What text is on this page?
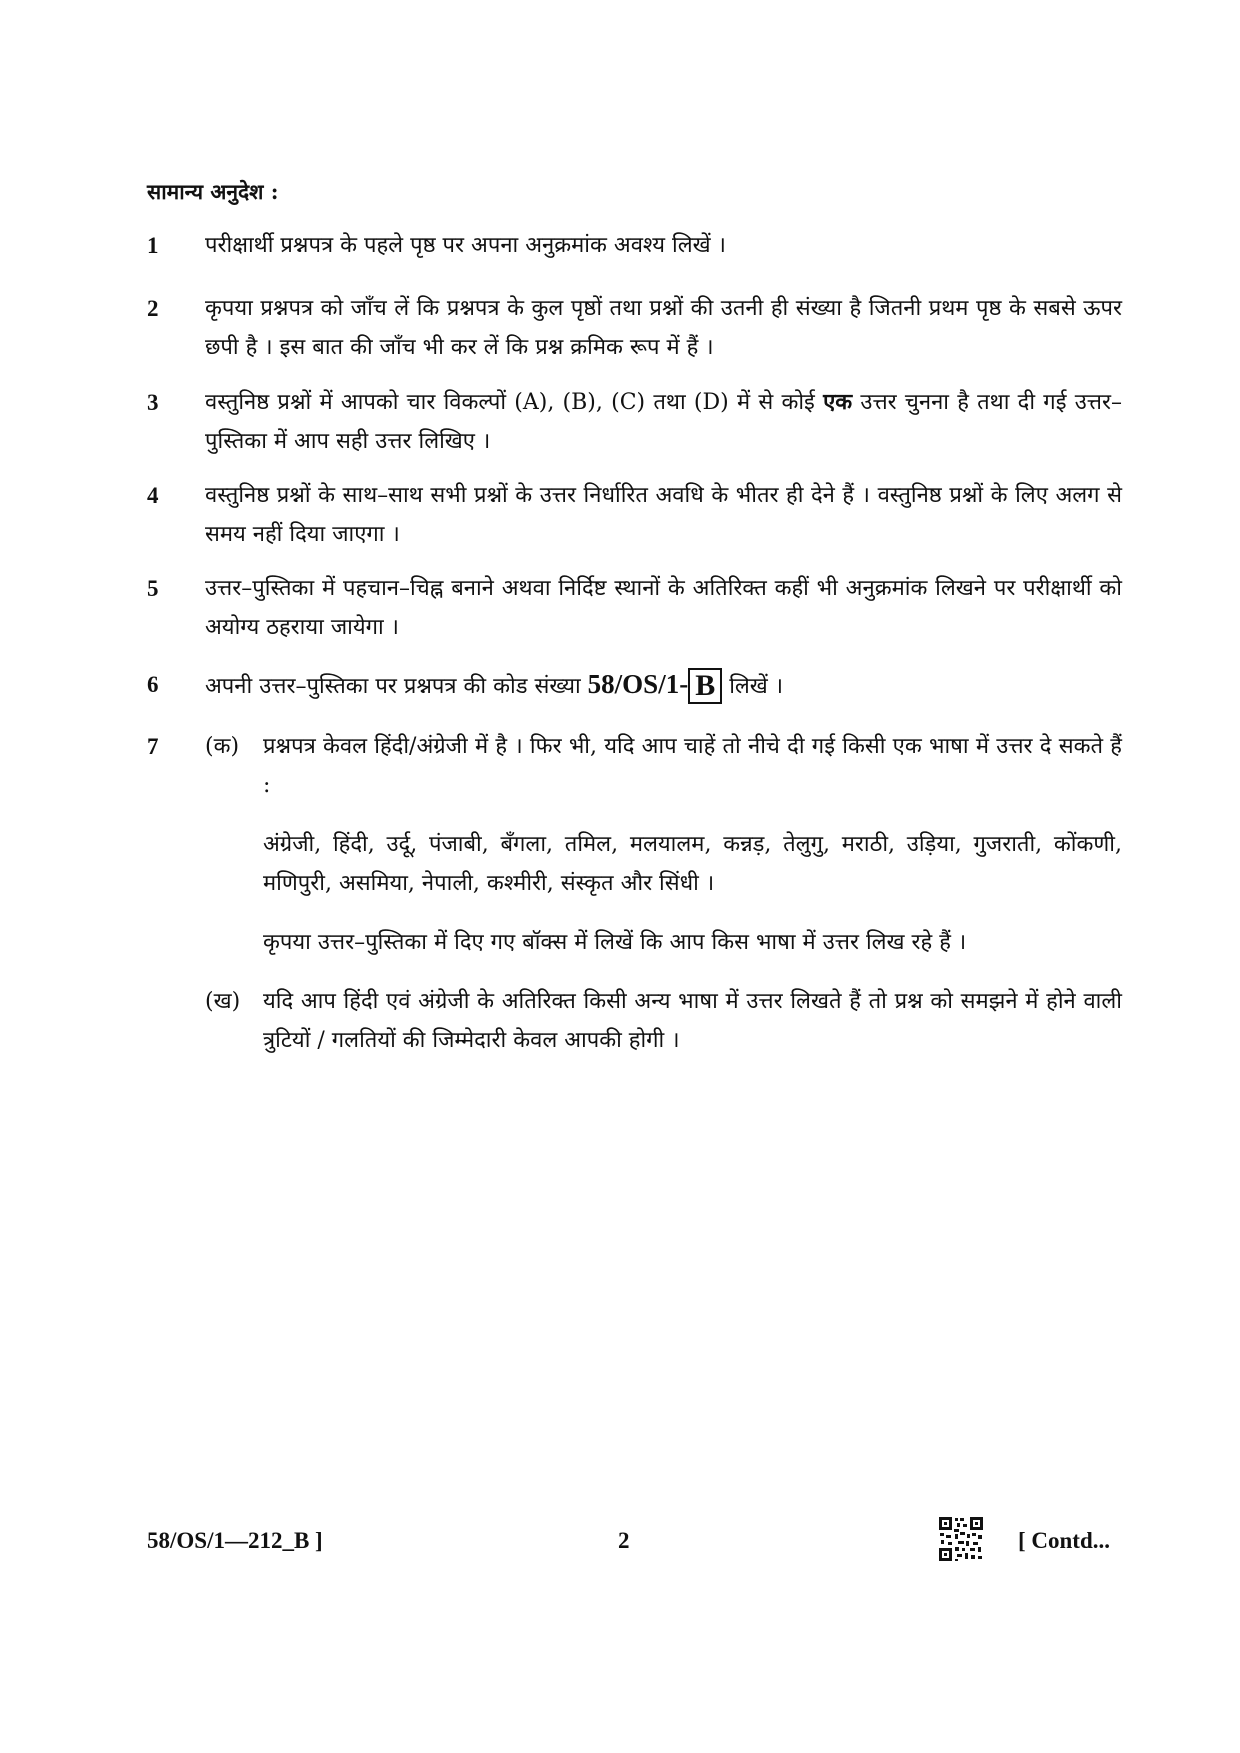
सामान्य अनुदेश :
1	परीक्षार्थी प्रश्नपत्र के पहले पृष्ठ पर अपना अनुक्रमांक अवश्य लिखें ।
2	कृपया प्रश्नपत्र को जाँच लें कि प्रश्नपत्र के कुल पृष्ठों तथा प्रश्नों की उतनी ही संख्या है जितनी प्रथम पृष्ठ के सबसे ऊपर छपी है । इस बात की जाँच भी कर लें कि प्रश्न क्रमिक रूप में हैं ।
3	वस्तुनिष्ठ प्रश्नों में आपको चार विकल्पों (A), (B), (C) तथा (D) में से कोई एक उत्तर चुनना है तथा दी गई उत्तर–पुस्तिका में आप सही उत्तर लिखिए ।
4	वस्तुनिष्ठ प्रश्नों के साथ–साथ सभी प्रश्नों के उत्तर निर्धारित अवधि के भीतर ही देने हैं । वस्तुनिष्ठ प्रश्नों के लिए अलग से समय नहीं दिया जाएगा ।
5	उत्तर–पुस्तिका में पहचान–चिह्न बनाने अथवा निर्दिष्ट स्थानों के अतिरिक्त कहीं भी अनुक्रमांक लिखने पर परीक्षार्थी को अयोग्य ठहराया जायेगा ।
6	अपनी उत्तर–पुस्तिका पर प्रश्नपत्र की कोड संख्या 58/OS/1- B लिखें ।
7	(क)	प्रश्नपत्र केवल हिंदी/अंग्रेजी में है । फिर भी, यदि आप चाहें तो नीचे दी गई किसी एक भाषा में उत्तर दे सकते हैं :
अंग्रेजी, हिंदी, उर्दू, पंजाबी, बँगला, तमिल, मलयालम, कन्नड़, तेलुगु, मराठी, उड़िया, गुजराती, कोंकणी, मणिपुरी, असमिया, नेपाली, कश्मीरी, संस्कृत और सिंधी ।
कृपया उत्तर–पुस्तिका में दिए गए बॉक्स में लिखें कि आप किस भाषा में उत्तर लिख रहे हैं ।
(ख)	यदि आप हिंदी एवं अंग्रेजी के अतिरिक्त किसी अन्य भाषा में उत्तर लिखते हैं तो प्रश्न को समझने में होने वाली त्रुटियों / गलतियों की जिम्मेदारी केवल आपकी होगी ।
58/OS/1—212_B ]	2	[ Contd...
